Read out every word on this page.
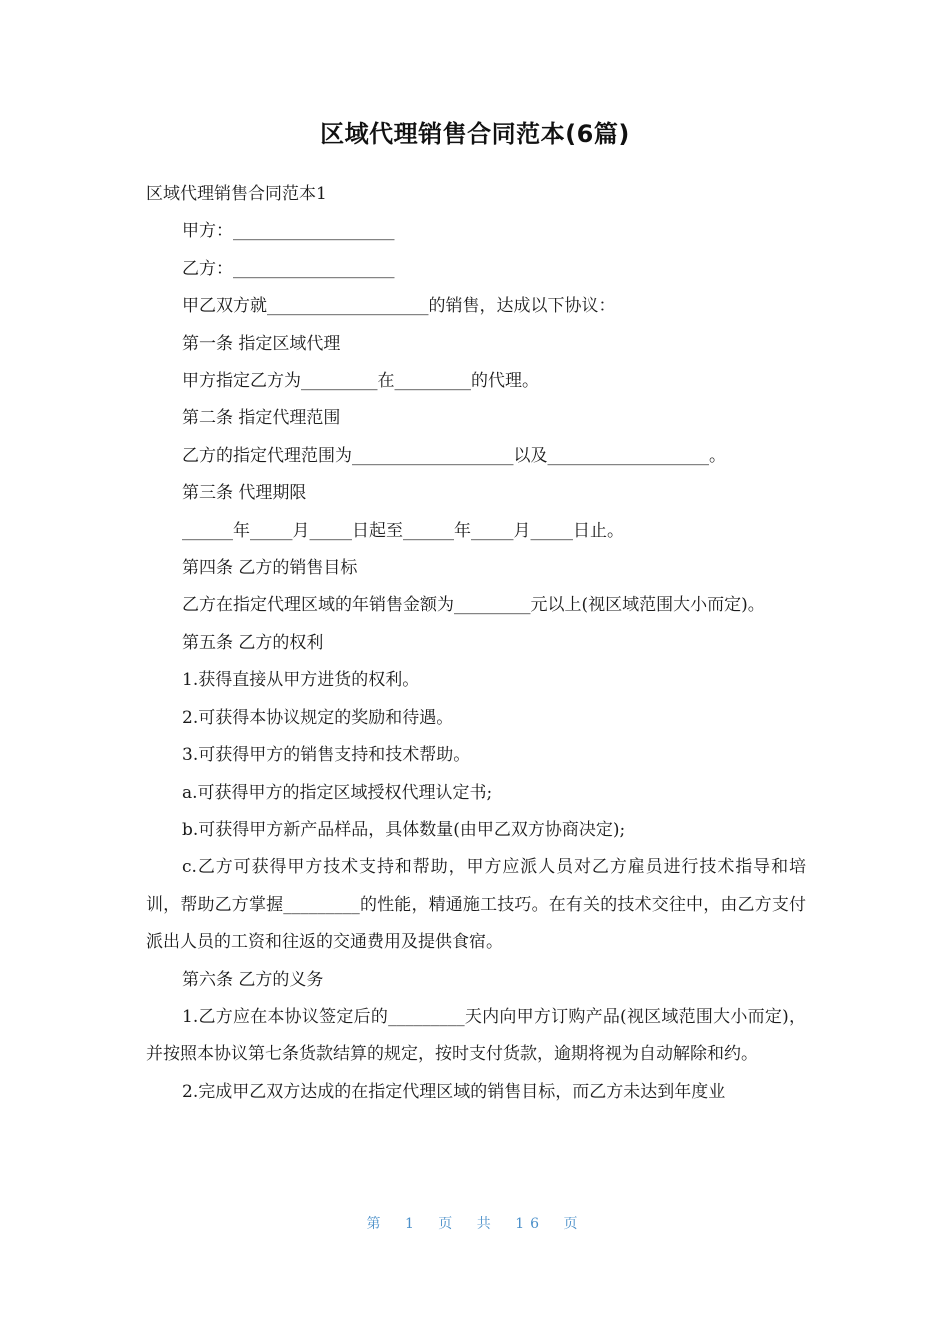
区域代理销售合同范本(6篇)

区域代理销售合同范本1

甲方：___________________

乙方：___________________

甲乙双方就___________________的销售，达成以下协议：

第一条 指定区域代理

甲方指定乙方为_________在_________的代理。

第二条 指定代理范围

乙方的指定代理范围为___________________以及___________________。

第三条 代理期限

______年_____月_____日起至______年_____月_____日止。

第四条 乙方的销售目标

乙方在指定代理区域的年销售金额为_________元以上(视区域范围大小而定)。

第五条 乙方的权利

1.获得直接从甲方进货的权利。

2.可获得本协议规定的奖励和待遇。

3.可获得甲方的销售支持和技术帮助。

a.可获得甲方的指定区域授权代理认定书;

b.可获得甲方新产品样品，具体数量(由甲乙双方协商决定);

c.乙方可获得甲方技术支持和帮助，甲方应派人员对乙方雇员进行技术指导和培训，帮助乙方掌握_________的性能，精通施工技巧。在有关的技术交往中，由乙方支付派出人员的工资和往返的交通费用及提供食宿。

第六条 乙方的义务

1.乙方应在本协议签定后的_________天内向甲方订购产品(视区域范围大小而定)，并按照本协议第七条货款结算的规定，按时支付货款，逾期将视为自动解除和约。

2.完成甲乙双方达成的在指定代理区域的销售目标，而乙方未达到年度业

第 1 页 共 16 页
